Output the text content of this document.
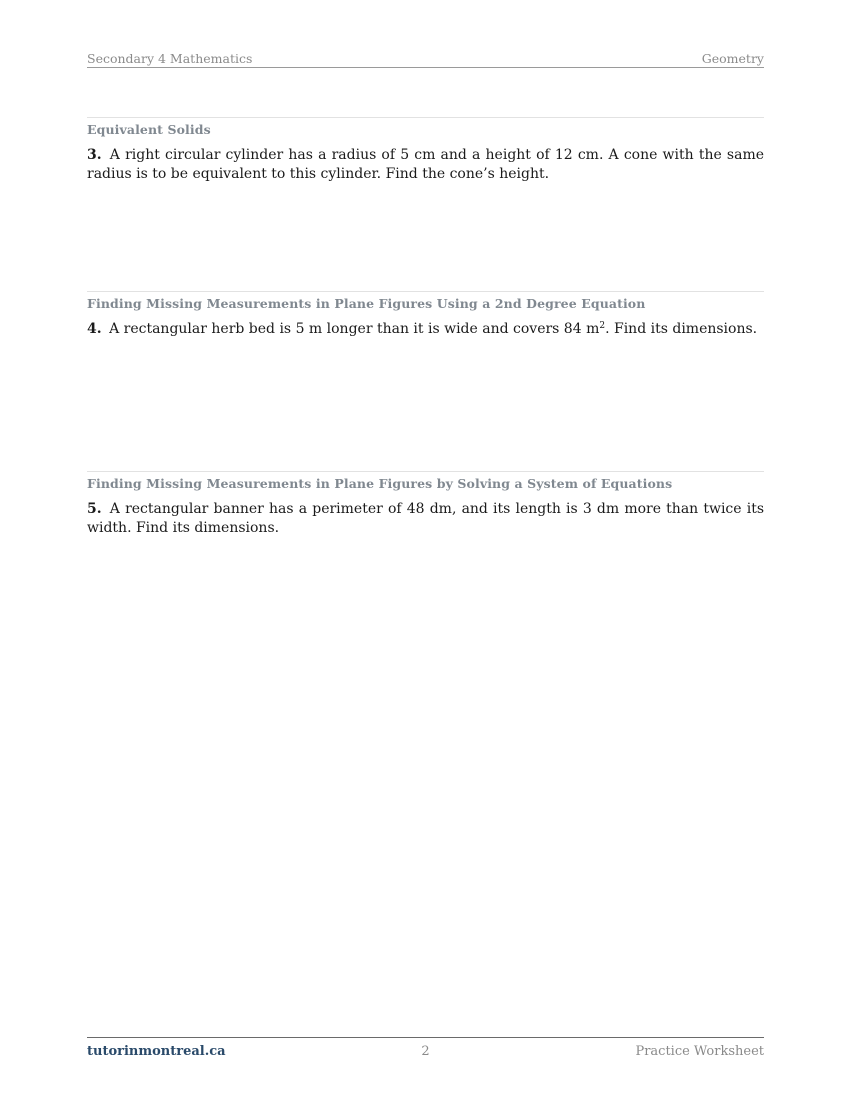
Secondary 4 Mathematics	Geometry
Equivalent Solids
3. A right circular cylinder has a radius of 5 cm and a height of 12 cm. A cone with the same radius is to be equivalent to this cylinder. Find the cone’s height.
Finding Missing Measurements in Plane Figures Using a 2nd Degree Equation
4. A rectangular herb bed is 5 m longer than it is wide and covers 84 $m^2$. Find its dimensions.
Finding Missing Measurements in Plane Figures by Solving a System of Equations
5. A rectangular banner has a perimeter of 48 dm, and its length is 3 dm more than twice its width. Find its dimensions.
tutorinmontreal.ca	2	Practice Worksheet
